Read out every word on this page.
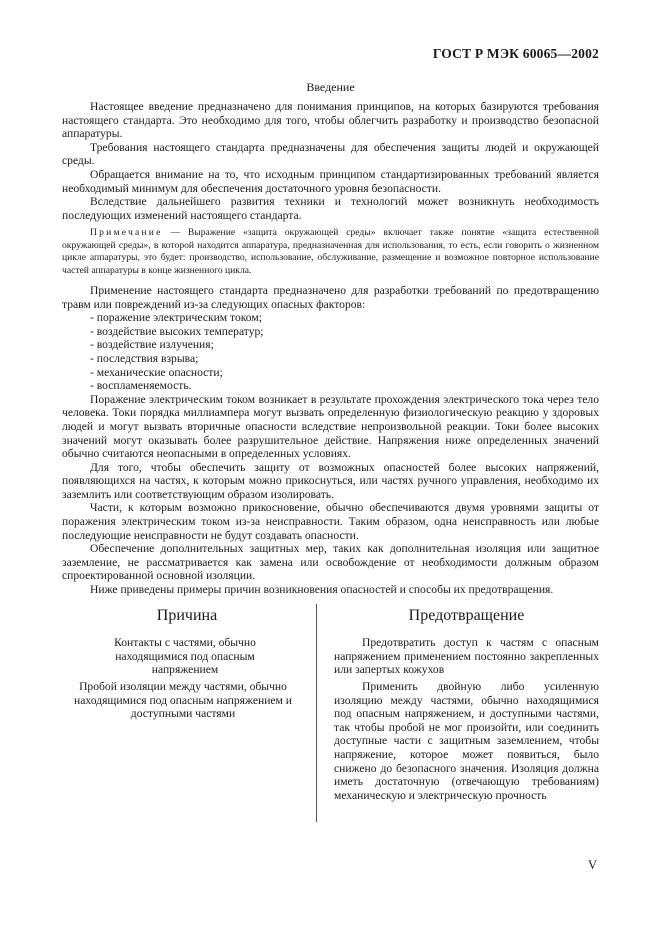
ГОСТ Р МЭК 60065—2002
Введение

Настоящее введение предназначено для понимания принципов, на которых базируются требования настоящего стандарта. Это необходимо для того, чтобы облегчить разработку и производство безопасной аппаратуры.

Требования настоящего стандарта предназначены для обеспечения защиты людей и окружающей среды.

Обращается внимание на то, что исходным принципом стандартизированных требований является необходимый минимум для обеспечения достаточного уровня безопасности.

Вследствие дальнейшего развития техники и технологий может возникнуть необходимость последующих изменений настоящего стандарта.

Примечание — Выражение «защита окружающей среды» включает также понятие «защита естественной окружающей среды», в которой находится аппаратура, предназначенная для использования, то есть, если говорить о жизненном цикле аппаратуры, это будет: производство, использование, обслуживание, размещение и возможное повторное использование частей аппаратуры в конце жизненного цикла.

Применение настоящего стандарта предназначено для разработки требований по предотвращению травм или повреждений из-за следующих опасных факторов:

- поражение электрическим током;
- воздействие высоких температур;
- воздействие излучения;
- последствия взрыва;
- механические опасности;
- воспламеняемость.

Поражение электрическим током возникает в результате прохождения электрического тока через тело человека. Токи порядка миллиампера могут вызвать определенную физиологическую реакцию у здоровых людей и могут вызвать вторичные опасности вследствие непроизвольной реакции. Токи более высоких значений могут оказывать более разрушительное действие. Напряжения ниже определенных значений обычно считаются неопасными в определенных условиях.

Для того, чтобы обеспечить защиту от возможных опасностей более высоких напряжений, появляющихся на частях, к которым можно прикоснуться, или частях ручного управления, необходимо их заземлить или соответствующим образом изолировать.

Части, к которым возможно прикосновение, обычно обеспечиваются двумя уровнями защиты от поражения электрическим током из-за неисправности. Таким образом, одна неисправность или любые последующие неисправности не будут создавать опасности.

Обеспечение дополнительных защитных мер, таких как дополнительная изоляция или защитное заземление, не рассматривается как замена или освобождение от необходимости должным образом спроектированной основной изоляции.

Ниже приведены примеры причин возникновения опасностей и способы их предотвращения.

Причина	Предотвращение
Контакты с частями, обычно находящимися под опасным напряжением

Предотвратить доступ к частям с опасным напряжением применением постоянно закрепленных или запертых кожухов

Пробой изоляции между частями, обычно находящимися под опасным напряжением и доступными частями

Применить двойную либо усиленную изоляцию между частями, обычно находящимися под опасным напряжением, и доступными частями, так чтобы пробой не мог произойти, или соединить доступные части с защитным заземлением, чтобы напряжение, которое может появиться, было снижено до безопасного значения. Изоляция должна иметь достаточную (отвечающую требованиям) механическую и электрическую прочность

V
